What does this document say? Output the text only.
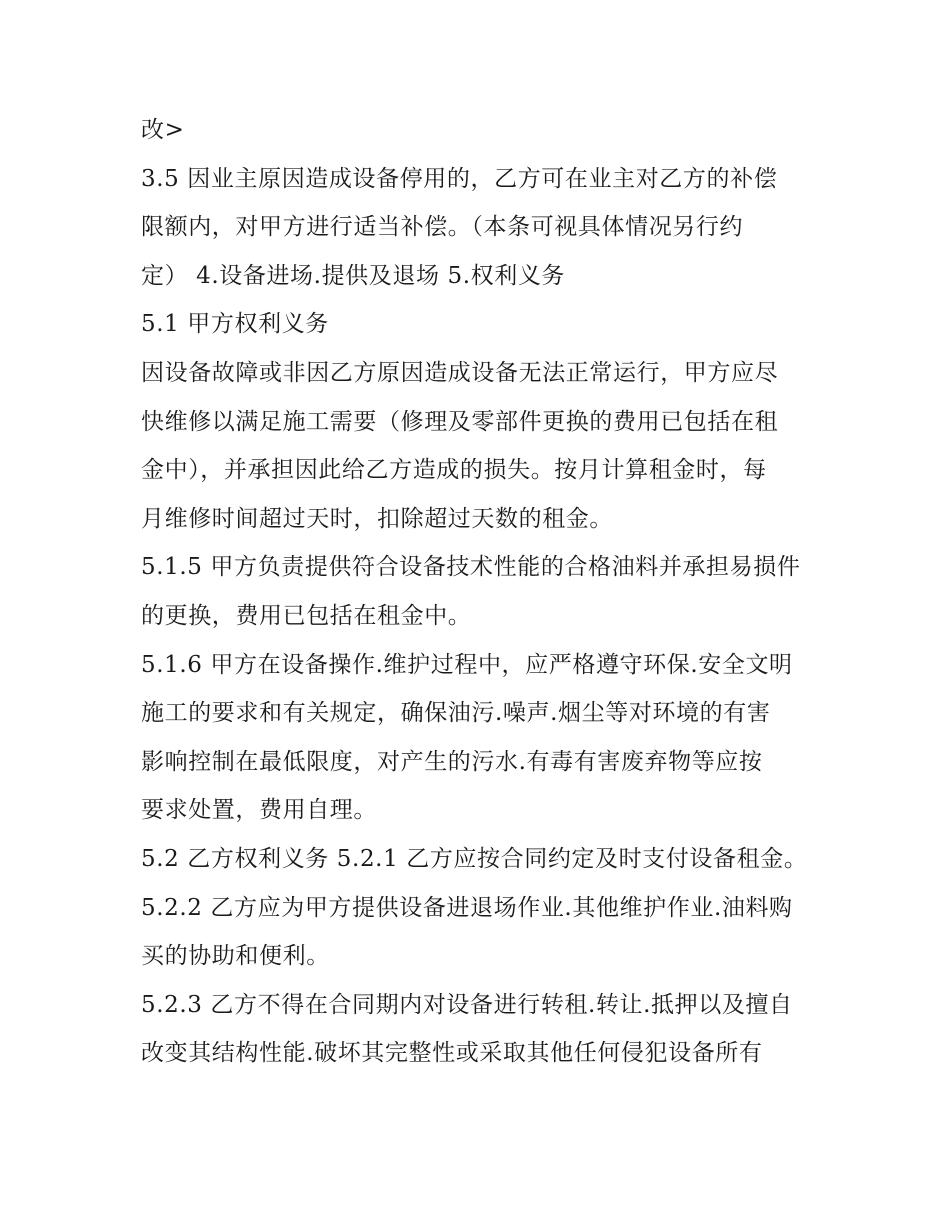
改>
3.5 因业主原因造成设备停用的，乙方可在业主对乙方的补偿
限额内，对甲方进行适当补偿。（本条可视具体情况另行约
定） 4.设备进场.提供及退场 5.权利义务
5.1 甲方权利义务
因设备故障或非因乙方原因造成设备无法正常运行，甲方应尽
快维修以满足施工需要（修理及零部件更换的费用已包括在租
金中），并承担因此给乙方造成的损失。按月计算租金时，每
月维修时间超过天时，扣除超过天数的租金。
5.1.5 甲方负责提供符合设备技术性能的合格油料并承担易损件
的更换，费用已包括在租金中。
5.1.6 甲方在设备操作.维护过程中，应严格遵守环保.安全文明
施工的要求和有关规定，确保油污.噪声.烟尘等对环境的有害
影响控制在最低限度，对产生的污水.有毒有害废弃物等应按
要求处置，费用自理。
5.2 乙方权利义务 5.2.1 乙方应按合同约定及时支付设备租金。
5.2.2 乙方应为甲方提供设备进退场作业.其他维护作业.油料购
买的协助和便利。
5.2.3 乙方不得在合同期内对设备进行转租.转让.抵押以及擅自
改变其结构性能.破坏其完整性或采取其他任何侵犯设备所有
